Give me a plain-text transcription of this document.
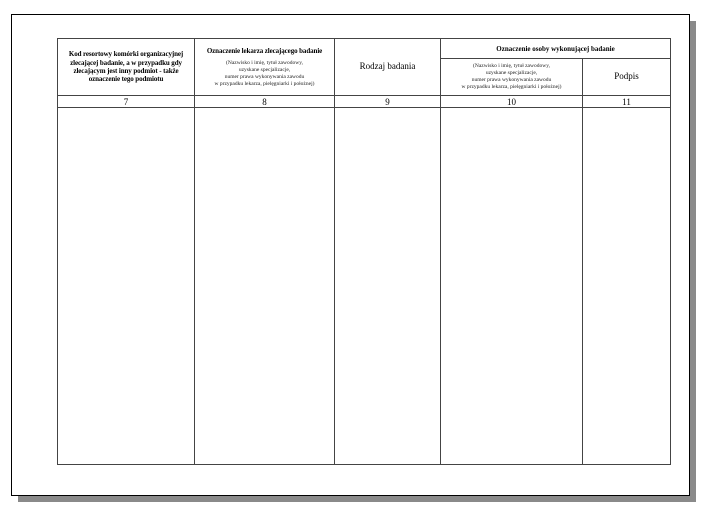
Kod resortowy komórki organizacyjnej zlecającej badanie, a w przypadku gdy zlecającym jest inny podmiot - także oznaczenie tego podmiotu	Oznaczenie lekarza zlecającego badanie
(Nazwisko i imię, tytuł zawodowy,
uzyskane specjalizacje,
numer prawa wykonywania zawodu
w przypadku lekarza, pielęgniarki i położnej)	Rodzaj badania	Oznaczenie osoby wykonującej badanie	

			(Nazwisko i imię, tytuł zawodowy,
uzyskane specjalizacje,
numer prawa wykonywania zawodu
w przypadku lekarza, pielęgniarki i położnej)	Podpis

7	8	9	10	11
